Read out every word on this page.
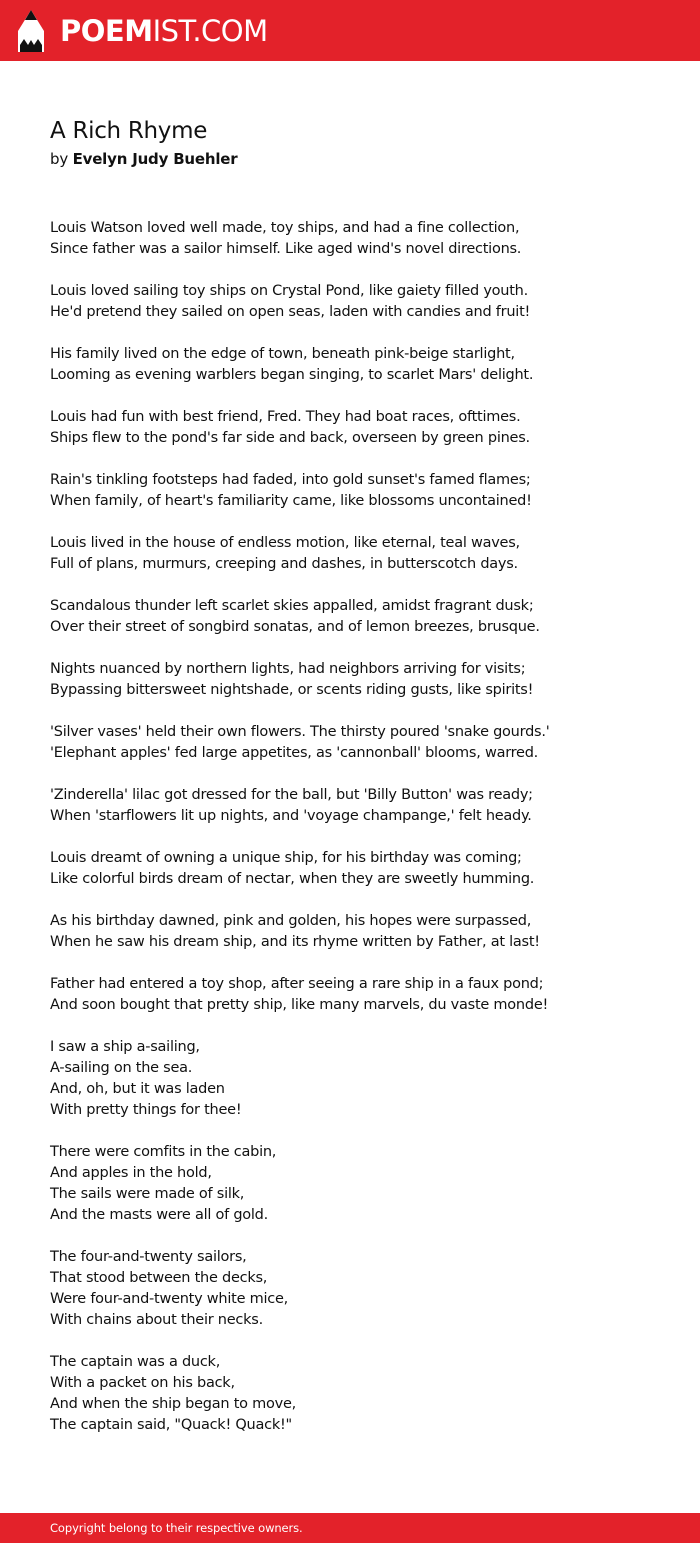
POEMIST.COM
A Rich Rhyme
by Evelyn Judy Buehler

Louis Watson loved well made, toy ships, and had a fine collection,
Since father was a sailor himself. Like aged wind's novel directions.

Louis loved sailing toy ships on Crystal Pond, like gaiety filled youth.
He'd pretend they sailed on open seas, laden with candies and fruit!

His family lived on the edge of town, beneath pink-beige starlight,
Looming as evening warblers began singing, to scarlet Mars' delight.

Louis had fun with best friend, Fred. They had boat races, ofttimes.
Ships flew to the pond's far side and back, overseen by green pines.

Rain's tinkling footsteps had faded, into gold sunset's famed flames;
When family, of heart's familiarity came, like blossoms uncontained!

Louis lived in the house of endless motion, like eternal, teal waves,
Full of plans, murmurs, creeping and dashes, in butterscotch days.

Scandalous thunder left scarlet skies appalled, amidst fragrant dusk;
Over their street of songbird sonatas, and of lemon breezes, brusque.

Nights nuanced by northern lights, had neighbors arriving for visits;
Bypassing bittersweet nightshade, or scents riding gusts, like spirits!

'Silver vases' held their own flowers. The thirsty poured 'snake gourds.'
'Elephant apples' fed large appetites, as 'cannonball' blooms, warred.

'Zinderella' lilac got dressed for the ball, but 'Billy Button' was ready;
When 'starflowers lit up nights, and 'voyage champange,' felt heady.

Louis dreamt of owning a unique ship, for his birthday was coming;
Like colorful birds dream of nectar, when they are sweetly humming.

As his birthday dawned, pink and golden, his hopes were surpassed,
When he saw his dream ship, and its rhyme written by Father, at last!

Father had entered a toy shop, after seeing a rare ship in a faux pond;
And soon bought that pretty ship, like many marvels, du vaste monde!

I saw a ship a-sailing,
A-sailing on the sea.
And, oh, but it was laden
With pretty things for thee!

There were comfits in the cabin,
And apples in the hold,
The sails were made of silk,
And the masts were all of gold.

The four-and-twenty sailors,
That stood between the decks,
Were four-and-twenty white mice,
With chains about their necks.

The captain was a duck,
With a packet on his back,
And when the ship began to move,
The captain said, "Quack! Quack!"

Copyright belong to their respective owners.
